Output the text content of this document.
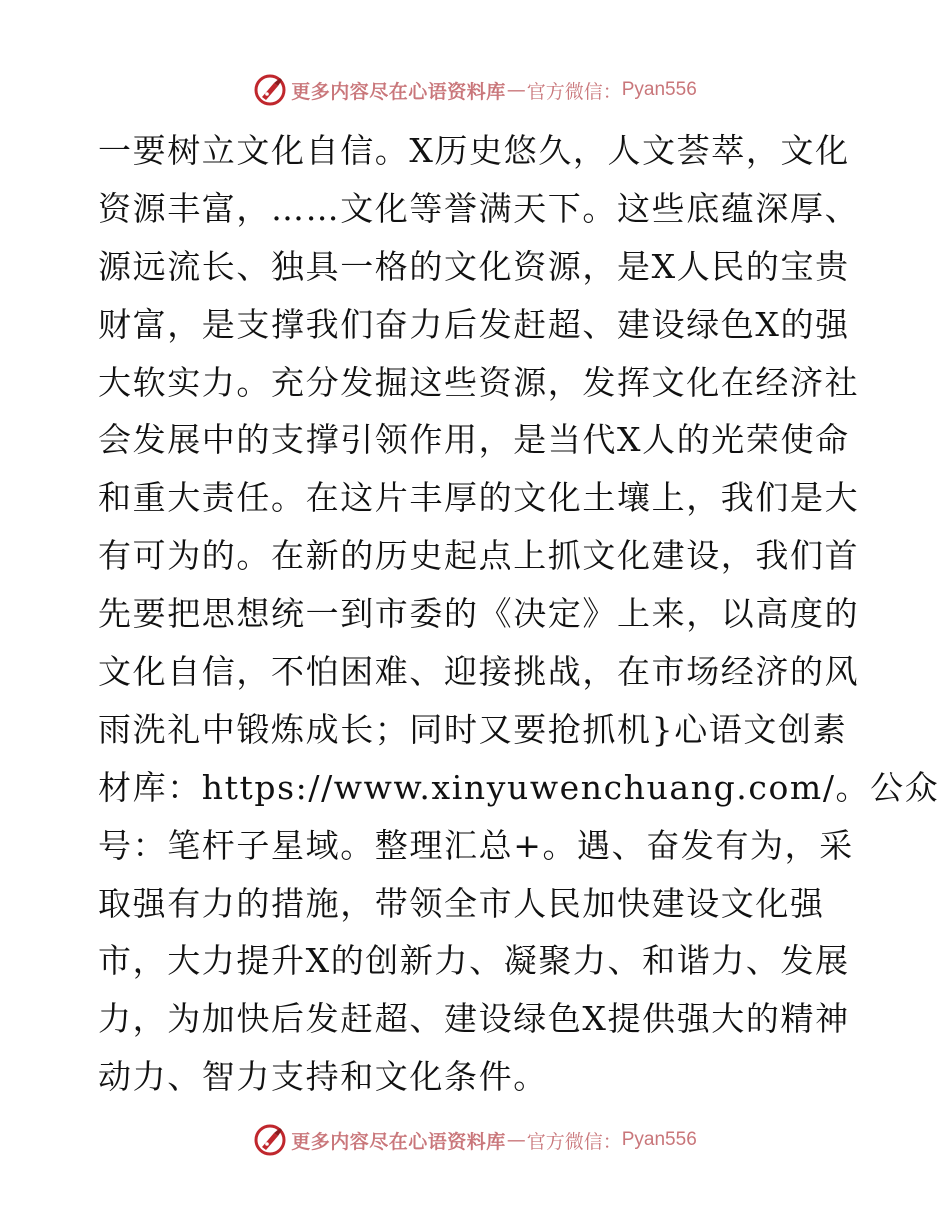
更多内容尽在心语资料库 — 官方微信： Pyan556
一要树立文化自信。X历史悠久，人文荟萃，文化
资源丰富，……文化等誉满天下。这些底蕴深厚、
源远流长、独具一格的文化资源，是X人民的宝贵
财富，是支撑我们奋力后发赶超、建设绿色X的强
大软实力。充分发掘这些资源，发挥文化在经济社
会发展中的支撑引领作用，是当代X人的光荣使命
和重大责任。在这片丰厚的文化土壤上，我们是大
有可为的。在新的历史起点上抓文化建设，我们首
先要把思想统一到市委的《决定》上来，以高度的
文化自信，不怕困难、迎接挑战，在市场经济的风
雨洗礼中锻炼成长；同时又要抢抓机}心语文创素
材库：https://www.xinyuwenchuang.com/。公众
号：笔杆子星域。整理汇总+。遇、奋发有为，采
取强有力的措施，带领全市人民加快建设文化强
市，大力提升X的创新力、凝聚力、和谐力、发展
力，为加快后发赶超、建设绿色X提供强大的精神
动力、智力支持和文化条件。
更多内容尽在心语资料库 — 官方微信： Pyan556
